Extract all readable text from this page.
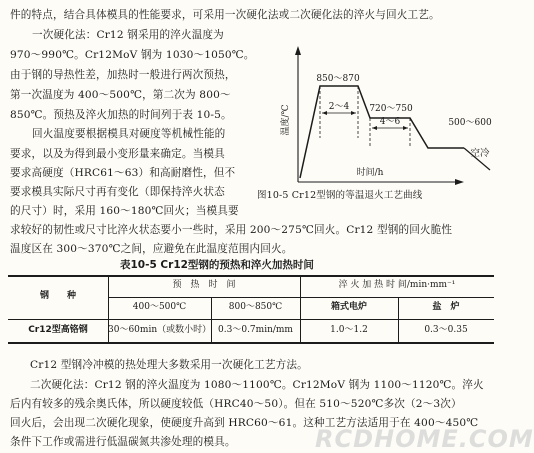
件的特点，结合具体模具的性能要求，可采用一次硬化法或二次硬化法的淬火与回火工艺。
一次硬化法：Cr12 钢采用的淬火温度为
970～990℃。Cr12MoV 钢为 1030～1050℃。
由于钢的导热性差，加热时一般进行两次预热，
第一次温度为 400～500℃，第二次为 800～
850℃。预热及淬火加热的时间列于表 10-5。
回火温度要根据模具对硬度等机械性能的
要求，以及为得到最小变形量来确定。当模具
要求高硬度（HRC61～63）和高耐磨性，但不
要求模具实际尺寸再有变化（即保持淬火状态
的尺寸）时，采用 160～180℃回火；当模具要
求较好的韧性或尺寸比淬火状态要小一些时，采用 200～275℃回火。Cr12 型钢的回火脆性
温度区在 300～370℃之间，应避免在此温度范围内回火。
温度/℃
时间/h
850～870
720～750
500～600
2～4
4～6
空冷
图10-5 Cr12型钢的等温退火工艺曲线
表10-5 Cr12型钢的预热和淬火加热时间
钢　　种
预　热　时　间	淬 火 加 热 时 间/min·mm⁻¹
400～500℃	800～850℃	箱式电炉	盐　炉
Cr12型高铬钢	30～60min（或数小时） 0.3～0.7min/mm	1.0～1.2	0.3～0.35
Cr12 型钢冷冲模的热处理大多数采用一次硬化工艺方法。
二次硬化法：Cr12 钢的淬火温度为 1080～1100℃。Cr12MoV 钢为 1100～1120℃。淬火
后内有较多的残余奥氏体，所以硬度较低（HRC40～50）。但在 510～520℃多次（2～3次）
回火后，会出现二次硬化现象，使硬度升高到 HRC60～61。这种工艺方法适用于在 400～450℃
条件下工作或需进行低温碳氮共渗处理的模具。	RCDHOME.COM
